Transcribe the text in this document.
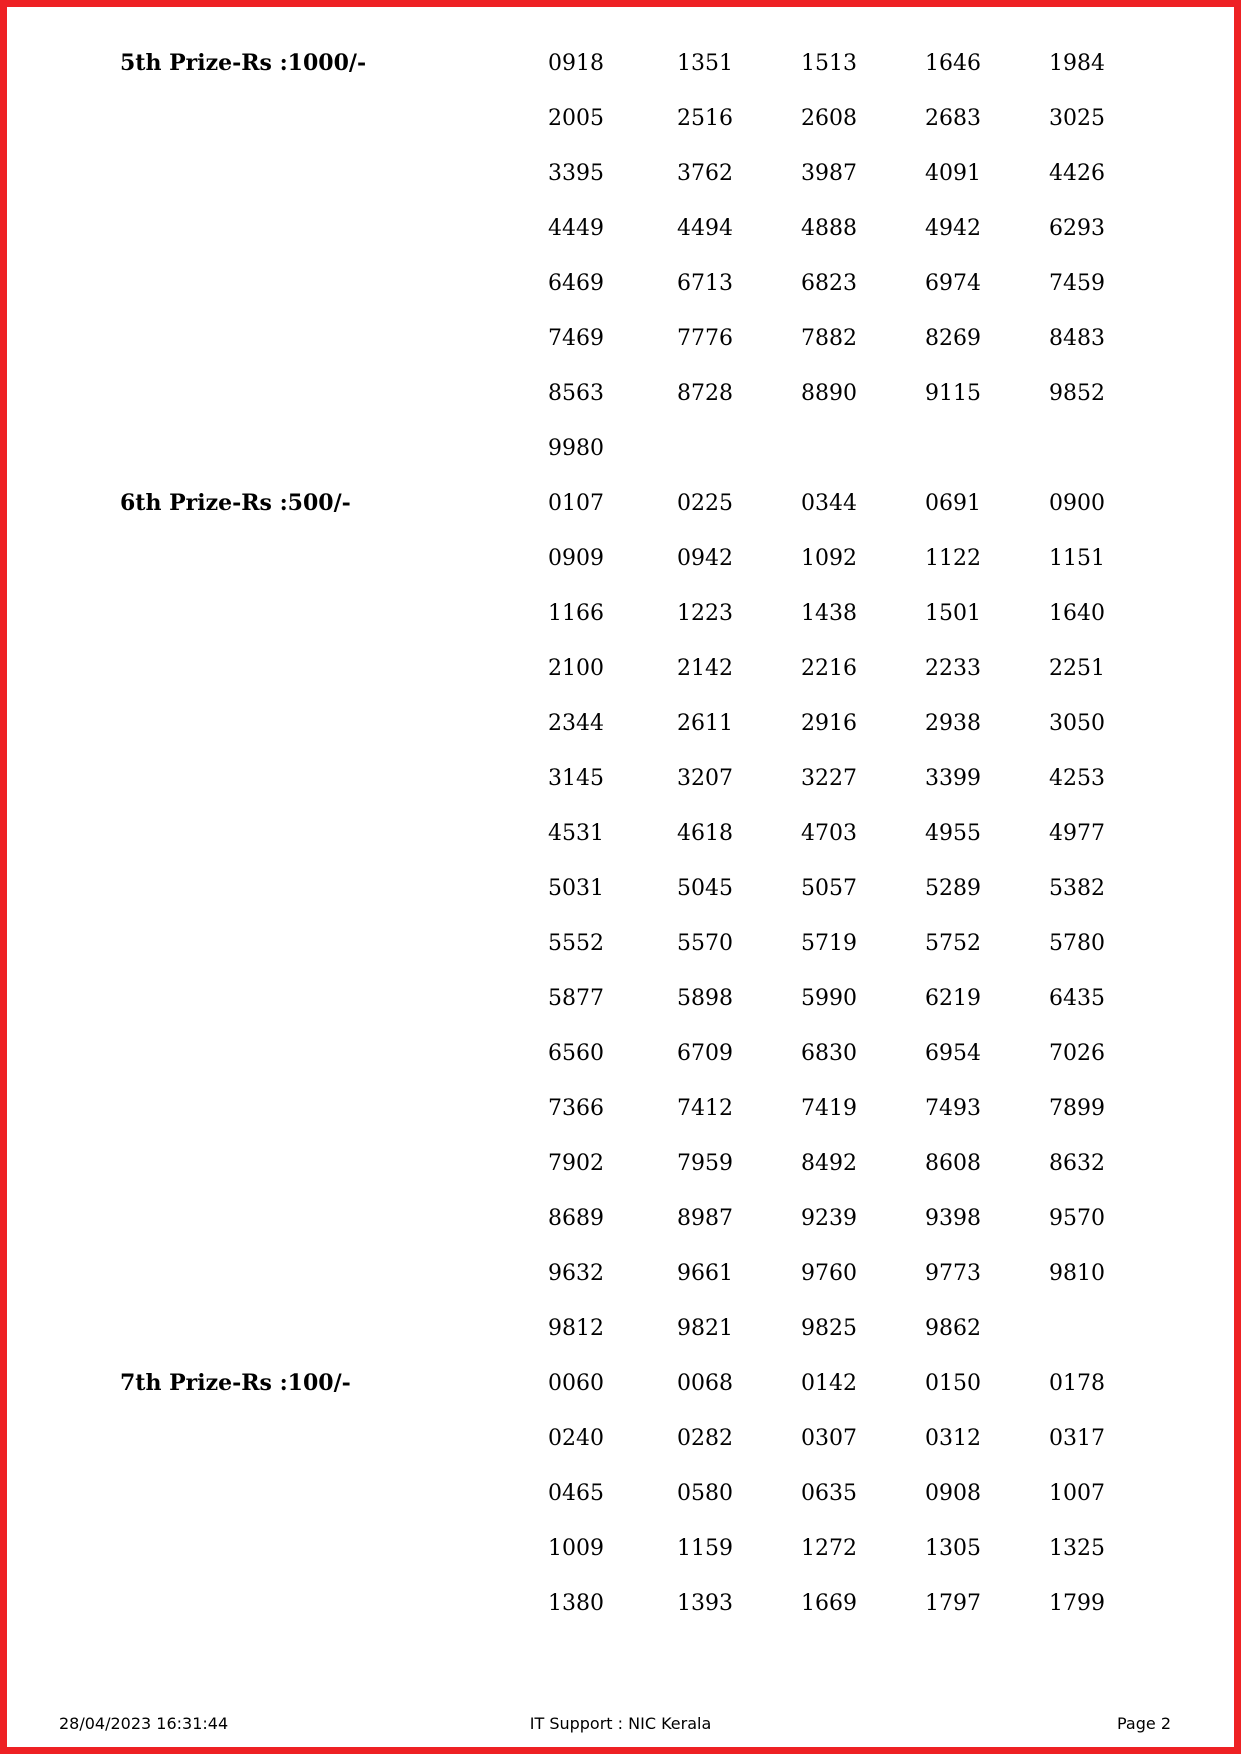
5th Prize-Rs :1000/-	0918	1351	1513	1646	1984
2005	2516	2608	2683	3025
3395	3762	3987	4091	4426
4449	4494	4888	4942	6293
6469	6713	6823	6974	7459
7469	7776	7882	8269	8483
8563	8728	8890	9115	9852
9980
6th Prize-Rs :500/-	0107	0225	0344	0691	0900
0909	0942	1092	1122	1151
1166	1223	1438	1501	1640
2100	2142	2216	2233	2251
2344	2611	2916	2938	3050
3145	3207	3227	3399	4253
4531	4618	4703	4955	4977
5031	5045	5057	5289	5382
5552	5570	5719	5752	5780
5877	5898	5990	6219	6435
6560	6709	6830	6954	7026
7366	7412	7419	7493	7899
7902	7959	8492	8608	8632
8689	8987	9239	9398	9570
9632	9661	9760	9773	9810
9812	9821	9825	9862
7th Prize-Rs :100/-	0060	0068	0142	0150	0178
0240	0282	0307	0312	0317
0465	0580	0635	0908	1007
1009	1159	1272	1305	1325
1380	1393	1669	1797	1799
28/04/2023 16:31:44	IT Support : NIC Kerala	Page 2
